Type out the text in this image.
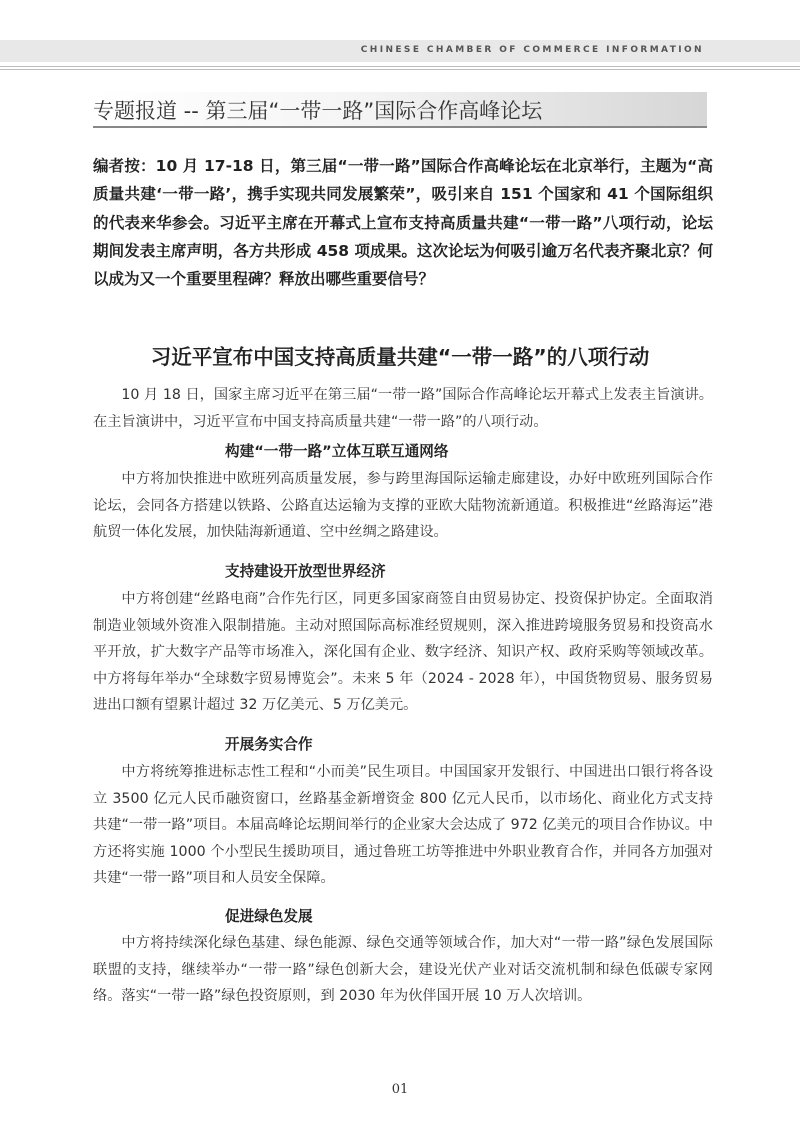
CHINESE CHAMBER OF COMMERCE INFORMATION
专题报道 -- 第三届“一带一路”国际合作高峰论坛
编者按：10 月 17-18 日，第三届“一带一路”国际合作高峰论坛在北京举行，主题为“高质量共建‘一带一路’，携手实现共同发展繁荣”，吸引来自 151 个国家和 41 个国际组织的代表来华参会。习近平主席在开幕式上宣布支持高质量共建“一带一路”八项行动，论坛期间发表主席声明，各方共形成 458 项成果。这次论坛为何吸引逾万名代表齐聚北京？何以成为又一个重要里程碑？释放出哪些重要信号？
习近平宣布中国支持高质量共建“一带一路”的八项行动
10 月 18 日，国家主席习近平在第三届“一带一路”国际合作高峰论坛开幕式上发表主旨演讲。在主旨演讲中，习近平宣布中国支持高质量共建“一带一路”的八项行动。
构建“一带一路”立体互联互通网络
中方将加快推进中欧班列高质量发展，参与跨里海国际运输走廊建设，办好中欧班列国际合作论坛，会同各方搭建以铁路、公路直达运输为支撑的亚欧大陆物流新通道。积极推进“丝路海运”港航贸一体化发展，加快陆海新通道、空中丝绸之路建设。
支持建设开放型世界经济
中方将创建“丝路电商”合作先行区，同更多国家商签自由贸易协定、投资保护协定。全面取消制造业领域外资准入限制措施。主动对照国际高标准经贸规则，深入推进跨境服务贸易和投资高水平开放，扩大数字产品等市场准入，深化国有企业、数字经济、知识产权、政府采购等领域改革。中方将每年举办“全球数字贸易博览会”。未来 5 年（2024 - 2028 年），中国货物贸易、服务贸易进出口额有望累计超过 32 万亿美元、5 万亿美元。
开展务实合作
中方将统筹推进标志性工程和“小而美”民生项目。中国国家开发银行、中国进出口银行将各设立 3500 亿元人民币融资窗口，丝路基金新增资金 800 亿元人民币，以市场化、商业化方式支持共建“一带一路”项目。本届高峰论坛期间举行的企业家大会达成了 972 亿美元的项目合作协议。中方还将实施 1000 个小型民生援助项目，通过鲁班工坊等推进中外职业教育合作，并同各方加强对共建“一带一路”项目和人员安全保障。
促进绿色发展
中方将持续深化绿色基建、绿色能源、绿色交通等领域合作，加大对“一带一路”绿色发展国际联盟的支持，继续举办“一带一路”绿色创新大会，建设光伏产业对话交流机制和绿色低碳专家网络。落实“一带一路”绿色投资原则，到 2030 年为伙伴国开展 10 万人次培训。
01
